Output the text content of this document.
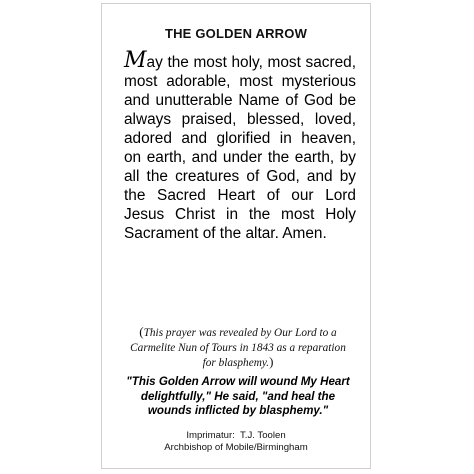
THE GOLDEN ARROW
May the most holy, most sacred, most adorable, most mysterious and unutterable Name of God be always praised, blessed, loved, adored and glorified in heaven, on earth, and under the earth, by all the creatures of God, and by the Sacred Heart of our Lord Jesus Christ in the most Holy Sacrament of the altar. Amen.
(This prayer was revealed by Our Lord to a Carmelite Nun of Tours in 1843 as a reparation for blasphemy.)
"This Golden Arrow will wound My Heart delightfully," He said, "and heal the wounds inflicted by blasphemy."
Imprimatur:  T.J. Toolen
Archbishop of Mobile/Birmingham
